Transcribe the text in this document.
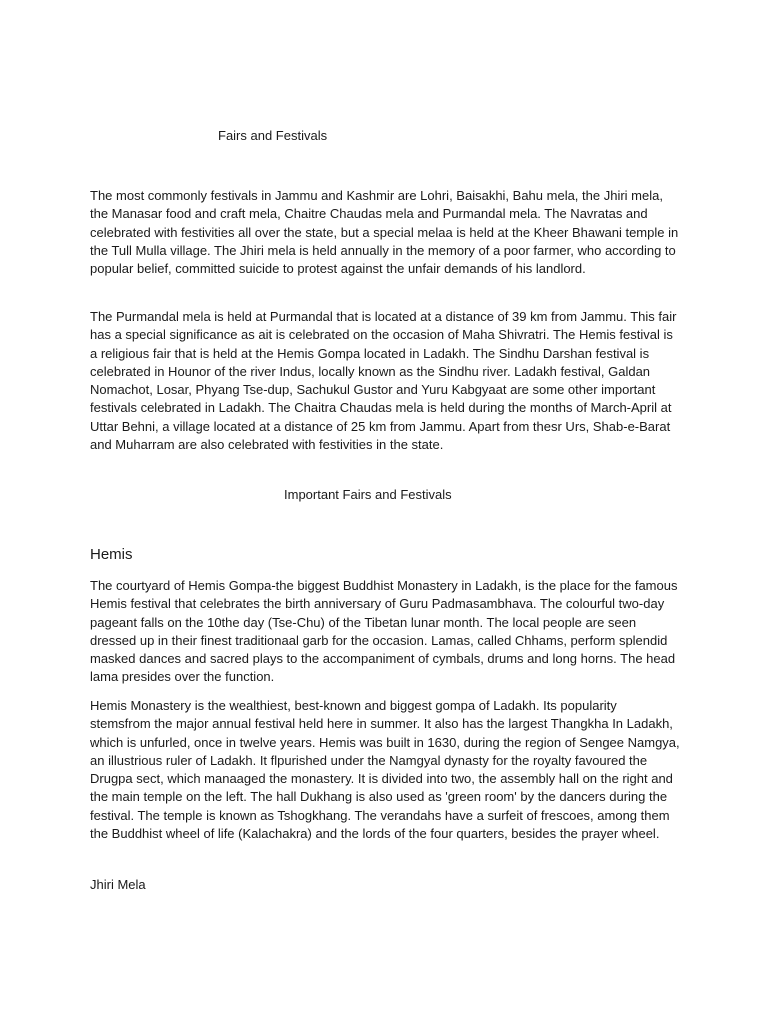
Fairs and Festivals

The most commonly festivals in Jammu and Kashmir are Lohri, Baisakhi, Bahu mela, the Jhiri mela, the Manasar food and craft mela, Chaitre Chaudas mela and Purmandal mela. The Navratas and celebrated with festivities all over the state, but a special melaa is held at the Kheer Bhawani temple in the Tull Mulla village. The Jhiri mela is held annually in the memory of a poor farmer, who according to popular belief, committed suicide to protest against the unfair demands of his landlord.

The Purmandal mela is held at Purmandal that is located at a distance of 39 km from Jammu. This fair has a special significance as ait is celebrated on the occasion of Maha Shivratri. The Hemis festival is a religious fair that is held at the Hemis Gompa located in Ladakh. The Sindhu Darshan festival is celebrated in Hounor of the river Indus, locally known as the Sindhu river. Ladakh festival, Galdan Nomachot, Losar, Phyang Tse-dup, Sachukul Gustor and Yuru Kabgyaat are some other important festivals celebrated in Ladakh. The Chaitra Chaudas mela is held during the months of March-April at Uttar Behni, a village located at a distance of 25 km from Jammu. Apart from thesr Urs, Shab-e-Barat and Muharram are also celebrated with festivities in the state.

Important Fairs and Festivals
Hemis

The courtyard of Hemis Gompa-the biggest Buddhist Monastery in Ladakh, is the place for the famous Hemis festival that celebrates the birth anniversary of Guru Padmasambhava. The colourful two-day pageant falls on the 10the day (Tse-Chu) of the Tibetan lunar month. The local people are seen dressed up in their finest traditionaal garb for the occasion. Lamas, called Chhams, perform splendid masked dances and sacred plays to the accompaniment of cymbals, drums and long horns. The head lama presides over the function.

Hemis Monastery is the wealthiest, best-known and biggest gompa of Ladakh. Its popularity stemsfrom the major annual festival held here in summer. It also has the largest Thangkha In Ladakh, which is unfurled, once in twelve years. Hemis was built in 1630, during the region of Sengee Namgya, an illustrious ruler of Ladakh. It flpurished under the Namgyal dynasty for the royalty favoured the Drugpa sect, which manaaged the monastery. It is divided into two, the assembly hall on the right and the main temple on the left. The hall Dukhang is also used as 'green room' by the dancers during the festival. The temple is known as Tshogkhang. The verandahs have a surfeit of frescoes, among them the Buddhist wheel of life (Kalachakra) and the lords of the four quarters, besides the prayer wheel.

Jhiri Mela
